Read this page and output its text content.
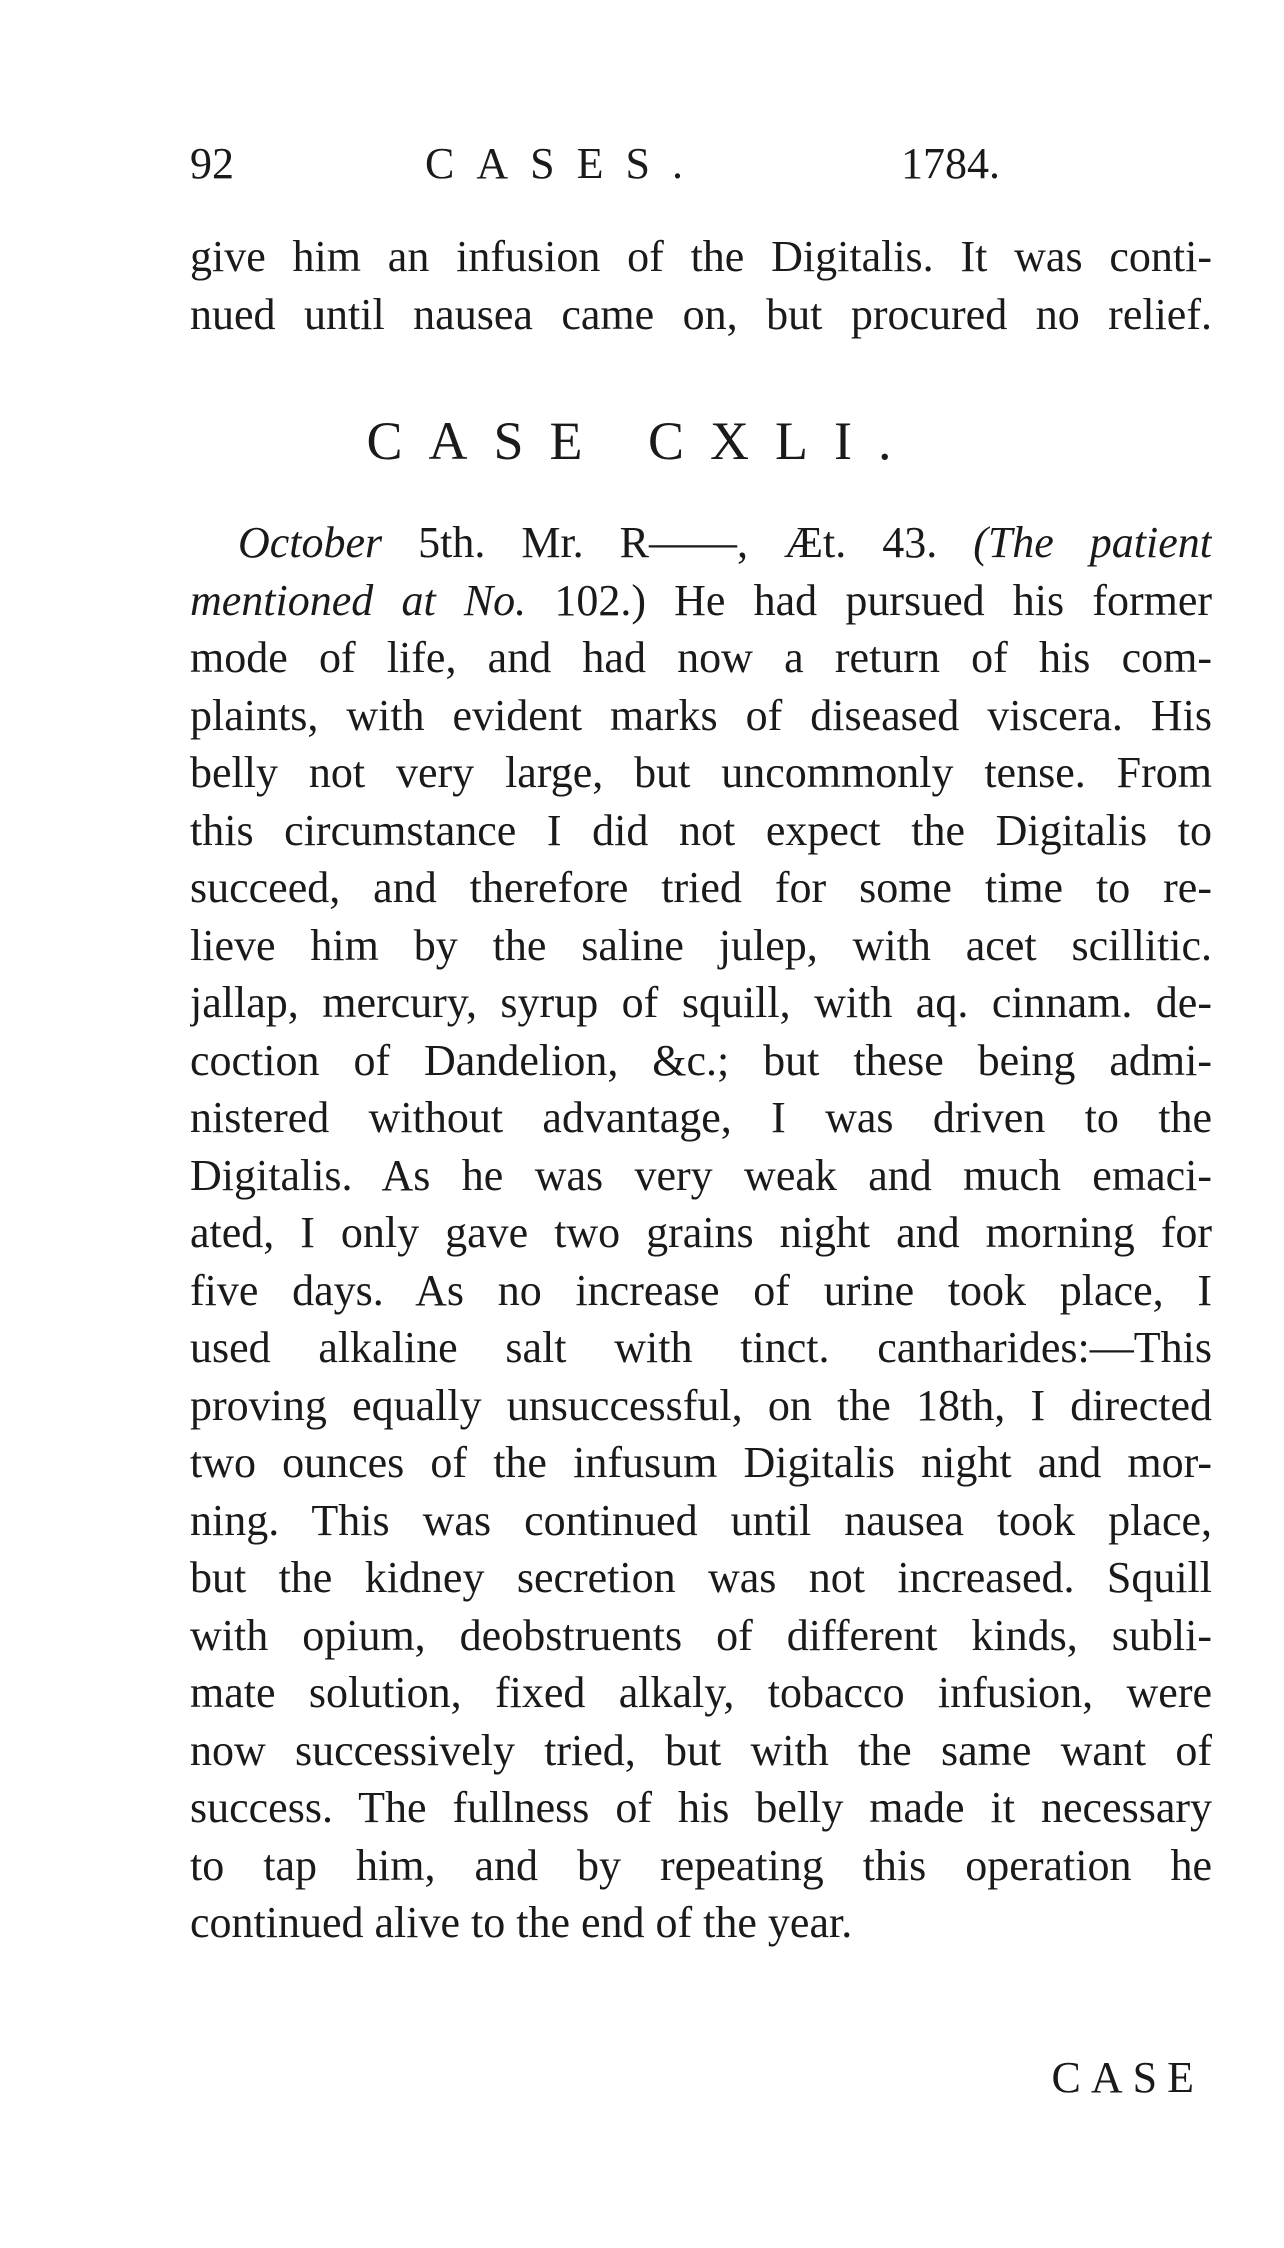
92	CASES.	1784.
give him an infusion of the Digitalis. It was conti-
nued until nausea came on, but procured no relief.
CASE CXLI.
October 5th. Mr. R——, Æt. 43. (The patient
mentioned at No. 102.) He had pursued his former
mode of life, and had now a return of his com-
plaints, with evident marks of diseased viscera. His
belly not very large, but uncommonly tense. From
this circumstance I did not expect the Digitalis to
succeed, and therefore tried for some time to re-
lieve him by the saline julep, with acet scillitic.
jallap, mercury, syrup of squill, with aq. cinnam. de-
coction of Dandelion, &c.; but these being admi-
nistered without advantage, I was driven to the
Digitalis. As he was very weak and much emaci-
ated, I only gave two grains night and morning for
five days. As no increase of urine took place, I
used alkaline salt with tinct. cantharides:—This
proving equally unsuccessful, on the 18th, I directed
two ounces of the infusum Digitalis night and mor-
ning. This was continued until nausea took place,
but the kidney secretion was not increased. Squill
with opium, deobstruents of different kinds, subli-
mate solution, fixed alkaly, tobacco infusion, were
now successively tried, but with the same want of
success. The fullness of his belly made it necessary
to tap him, and by repeating this operation he
continued alive to the end of the year.
CASE
